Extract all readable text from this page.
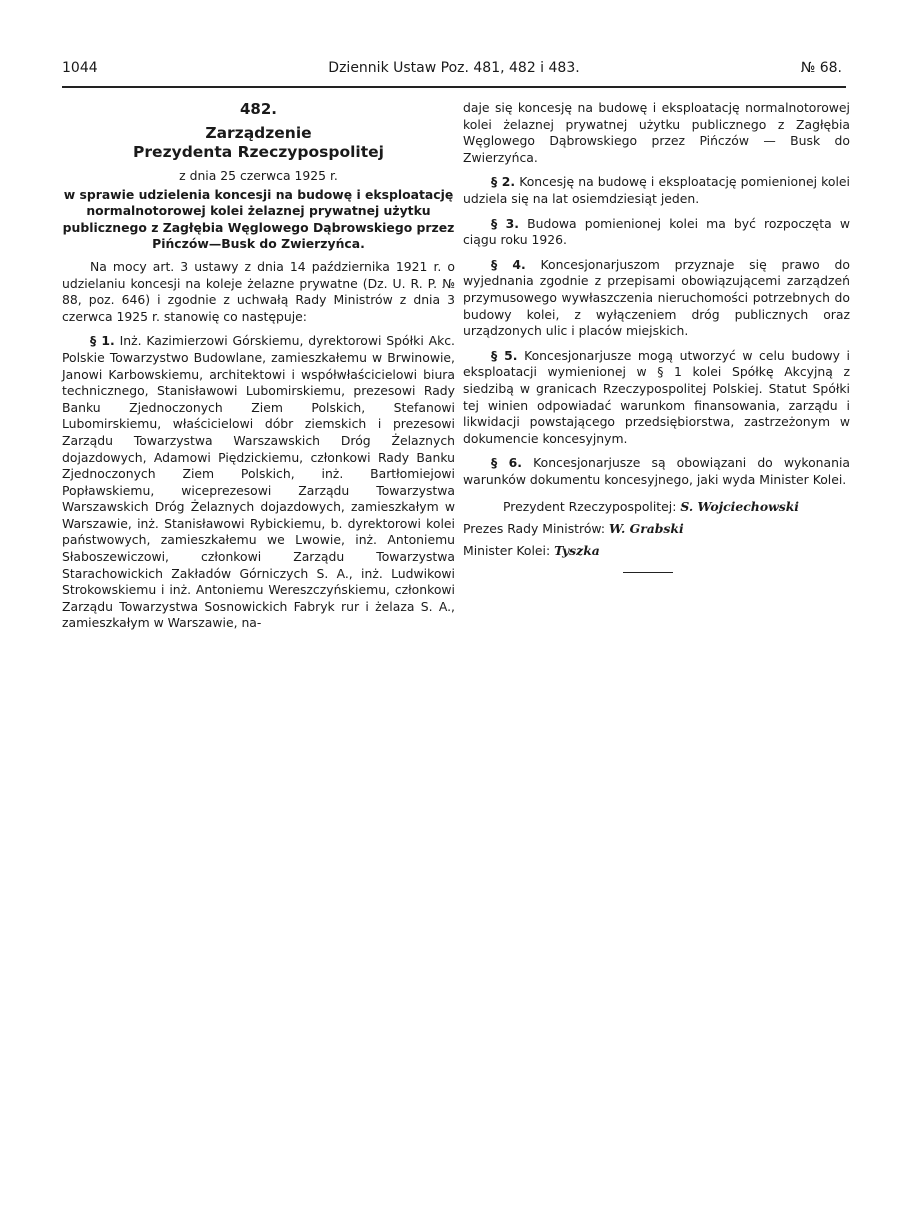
1044	Dziennik Ustaw Poz. 481, 482 i 483.	№ 68.
482.
Zarządzenie
Prezydenta Rzeczypospolitej
z dnia 25 czerwca 1925 r.
w sprawie udzielenia koncesji na budowę i eksploatację normalnotorowej kolei żelaznej prywatnej użytku publicznego z Zagłębia Węglowego Dąbrowskiego przez Pińczów—Busk do Zwierzyńca.

Na mocy art. 3 ustawy z dnia 14 października 1921 r. o udzielaniu koncesji na koleje żelazne prywatne (Dz. U. R. P. № 88, poz. 646) i zgodnie z uchwałą Rady Ministrów z dnia 3 czerwca 1925 r. stanowię co następuje:

§ 1. Inż. Kazimierzowi Górskiemu, dyrektorowi Spółki Akc. Polskie Towarzystwo Budowlane, zamieszkałemu w Brwinowie, Janowi Karbowskiemu, architektowi i współwłaścicielowi biura technicznego, Stanisławowi Lubomirskiemu, prezesowi Rady Banku Zjednoczonych Ziem Polskich, Stefanowi Lubomirskiemu, właścicielowi dóbr ziemskich i prezesowi Zarządu Towarzystwa Warszawskich Dróg Żelaznych dojazdowych, Adamowi Piędzickiemu, członkowi Rady Banku Zjednoczonych Ziem Polskich, inż. Bartłomiejowi Popławskiemu, wiceprezesowi Zarządu Towarzystwa Warszawskich Dróg Żelaznych dojazdowych, zamieszkałym w Warszawie, inż. Stanisławowi Rybickiemu, b. dyrektorowi kolei państwowych, zamieszkałemu we Lwowie, inż. Antoniemu Słaboszewiczowi, członkowi Zarządu Towarzystwa Starachowickich Zakładów Górniczych S. A., inż. Ludwikowi Strokowskiemu i inż. Antoniemu Wereszczyńskiemu, członkowi Zarządu Towarzystwa Sosnowickich Fabryk rur i żelaza S. A., zamieszkałym w Warszawie, na-

daje się koncesję na budowę i eksploatację normalnotorowej kolei żelaznej prywatnej użytku publicznego z Zagłębia Węglowego Dąbrowskiego przez Pińczów — Busk do Zwierzyńca.

§ 2. Koncesję na budowę i eksploatację pomienionej kolei udziela się na lat osiemdziesiąt jeden.

§ 3. Budowa pomienionej kolei ma być rozpoczęta w ciągu roku 1926.

§ 4. Koncesjonarjuszom przyznaje się prawo do wyjednania zgodnie z przepisami obowiązującemi zarządzeń przymusowego wywłaszczenia nieruchomości potrzebnych do budowy kolei, z wyłączeniem dróg publicznych oraz urządzonych ulic i placów miejskich.

§ 5. Koncesjonarjusze mogą utworzyć w celu budowy i eksploatacji wymienionej w § 1 kolei Spółkę Akcyjną z siedzibą w granicach Rzeczypospolitej Polskiej. Statut Spółki tej winien odpowiadać warunkom finansowania, zarządu i likwidacji powstającego przedsiębiorstwa, zastrzeżonym w dokumencie koncesyjnym.

§ 6. Koncesjonarjusze są obowiązani do wykonania warunków dokumentu koncesyjnego, jaki wyda Minister Kolei.

Prezydent Rzeczypospolitej: S. Wojciechowski
Prezes Rady Ministrów: W. Grabski
Minister Kolei: Tyszka
